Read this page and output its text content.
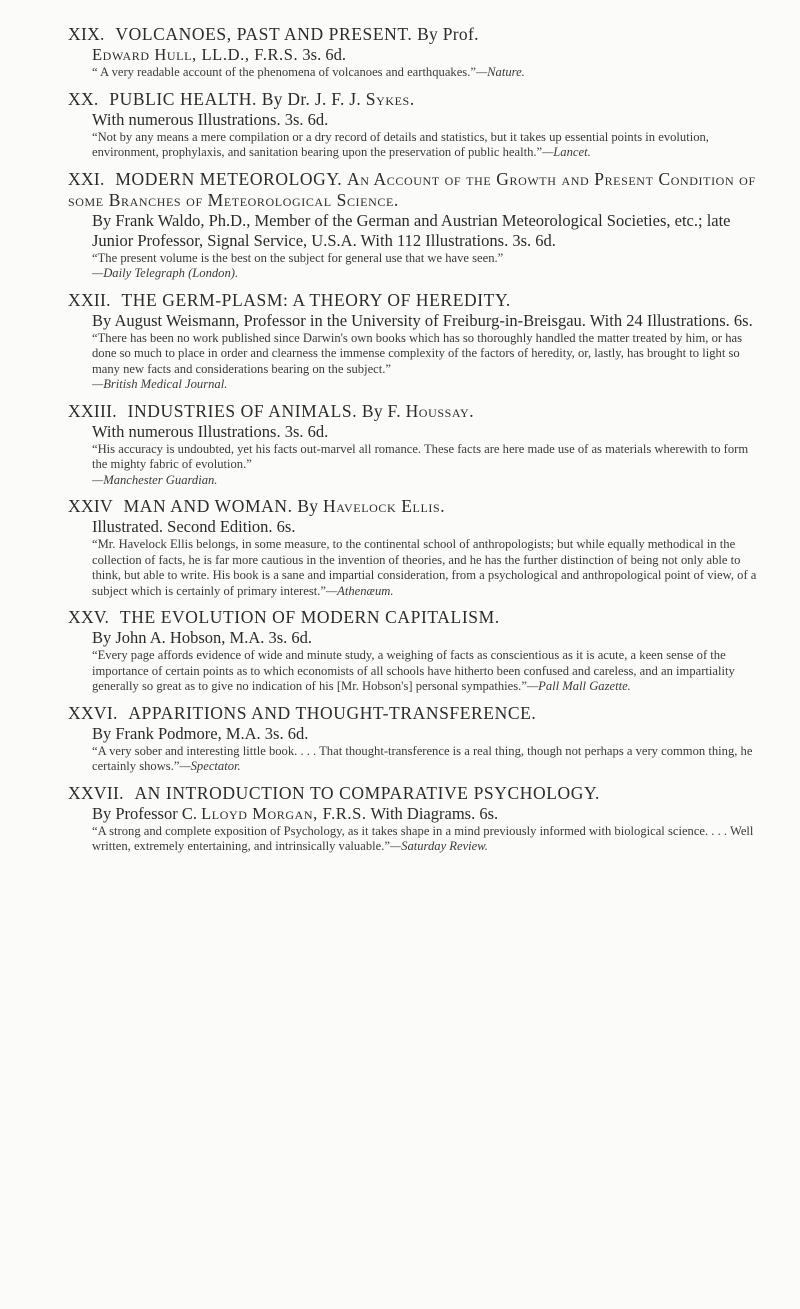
XIX. VOLCANOES, PAST AND PRESENT. By Prof.
Edward Hull, LL.D., F.R.S. 3s. 6d.
“ A very readable account of the phenomena of volcanoes and earthquakes.”—Nature.
XX. PUBLIC HEALTH. By Dr. J. F. J. Sykes.
With numerous Illustrations. 3s. 6d.
“Not by any means a mere compilation or a dry record of details and statistics, but it takes up essential points in evolution, environment, prophylaxis, and sanitation bearing upon the preservation of public health.”—Lancet.
XXI. MODERN METEOROLOGY. An Account of the Growth and Present Condition of some Branches of Meteorological Science.
By Frank Waldo, Ph.D., Member of the German and Austrian Meteorological Societies, etc.; late Junior Professor, Signal Service, U.S.A. With 112 Illustrations. 3s. 6d.
“The present volume is the best on the subject for general use that we have seen.”
—Daily Telegraph (London).
XXII. THE GERM-PLASM: A THEORY OF HEREDITY.
By August Weismann, Professor in the University of Freiburg-in-Breisgau. With 24 Illustrations. 6s.
“There has been no work published since Darwin's own books which has so thoroughly handled the matter treated by him, or has done so much to place in order and clearness the immense complexity of the factors of heredity, or, lastly, has brought to light so many new facts and considerations bearing on the subject.”
—British Medical Journal.
XXIII. INDUSTRIES OF ANIMALS. By F. Houssay.
With numerous Illustrations. 3s. 6d.
“His accuracy is undoubted, yet his facts out-marvel all romance. These facts are here made use of as materials wherewith to form the mighty fabric of evolution.”
—Manchester Guardian.
XXIV MAN AND WOMAN. By Havelock Ellis.
Illustrated. Second Edition. 6s.
“Mr. Havelock Ellis belongs, in some measure, to the continental school of anthropologists; but while equally methodical in the collection of facts, he is far more cautious in the invention of theories, and he has the further distinction of being not only able to think, but able to write. His book is a sane and impartial consideration, from a psychological and anthropological point of view, of a subject which is certainly of primary interest.”—Athenæum.
XXV. THE EVOLUTION OF MODERN CAPITALISM.
By John A. Hobson, M.A. 3s. 6d.
“Every page affords evidence of wide and minute study, a weighing of facts as conscientious as it is acute, a keen sense of the importance of certain points as to which economists of all schools have hitherto been confused and careless, and an impartiality generally so great as to give no indication of his [Mr. Hobson's] personal sympathies.”—Pall Mall Gazette.
XXVI. APPARITIONS AND THOUGHT-TRANSFERENCE.
By Frank Podmore, M.A. 3s. 6d.
“A very sober and interesting little book. . . . That thought-transference is a real thing, though not perhaps a very common thing, he certainly shows.”—Spectator.
XXVII. AN INTRODUCTION TO COMPARATIVE PSYCHOLOGY.
By Professor C. Lloyd Morgan, F.R.S. With Diagrams. 6s.
“A strong and complete exposition of Psychology, as it takes shape in a mind previously informed with biological science. . . . Well written, extremely entertaining, and intrinsically valuable.”—Saturday Review.
